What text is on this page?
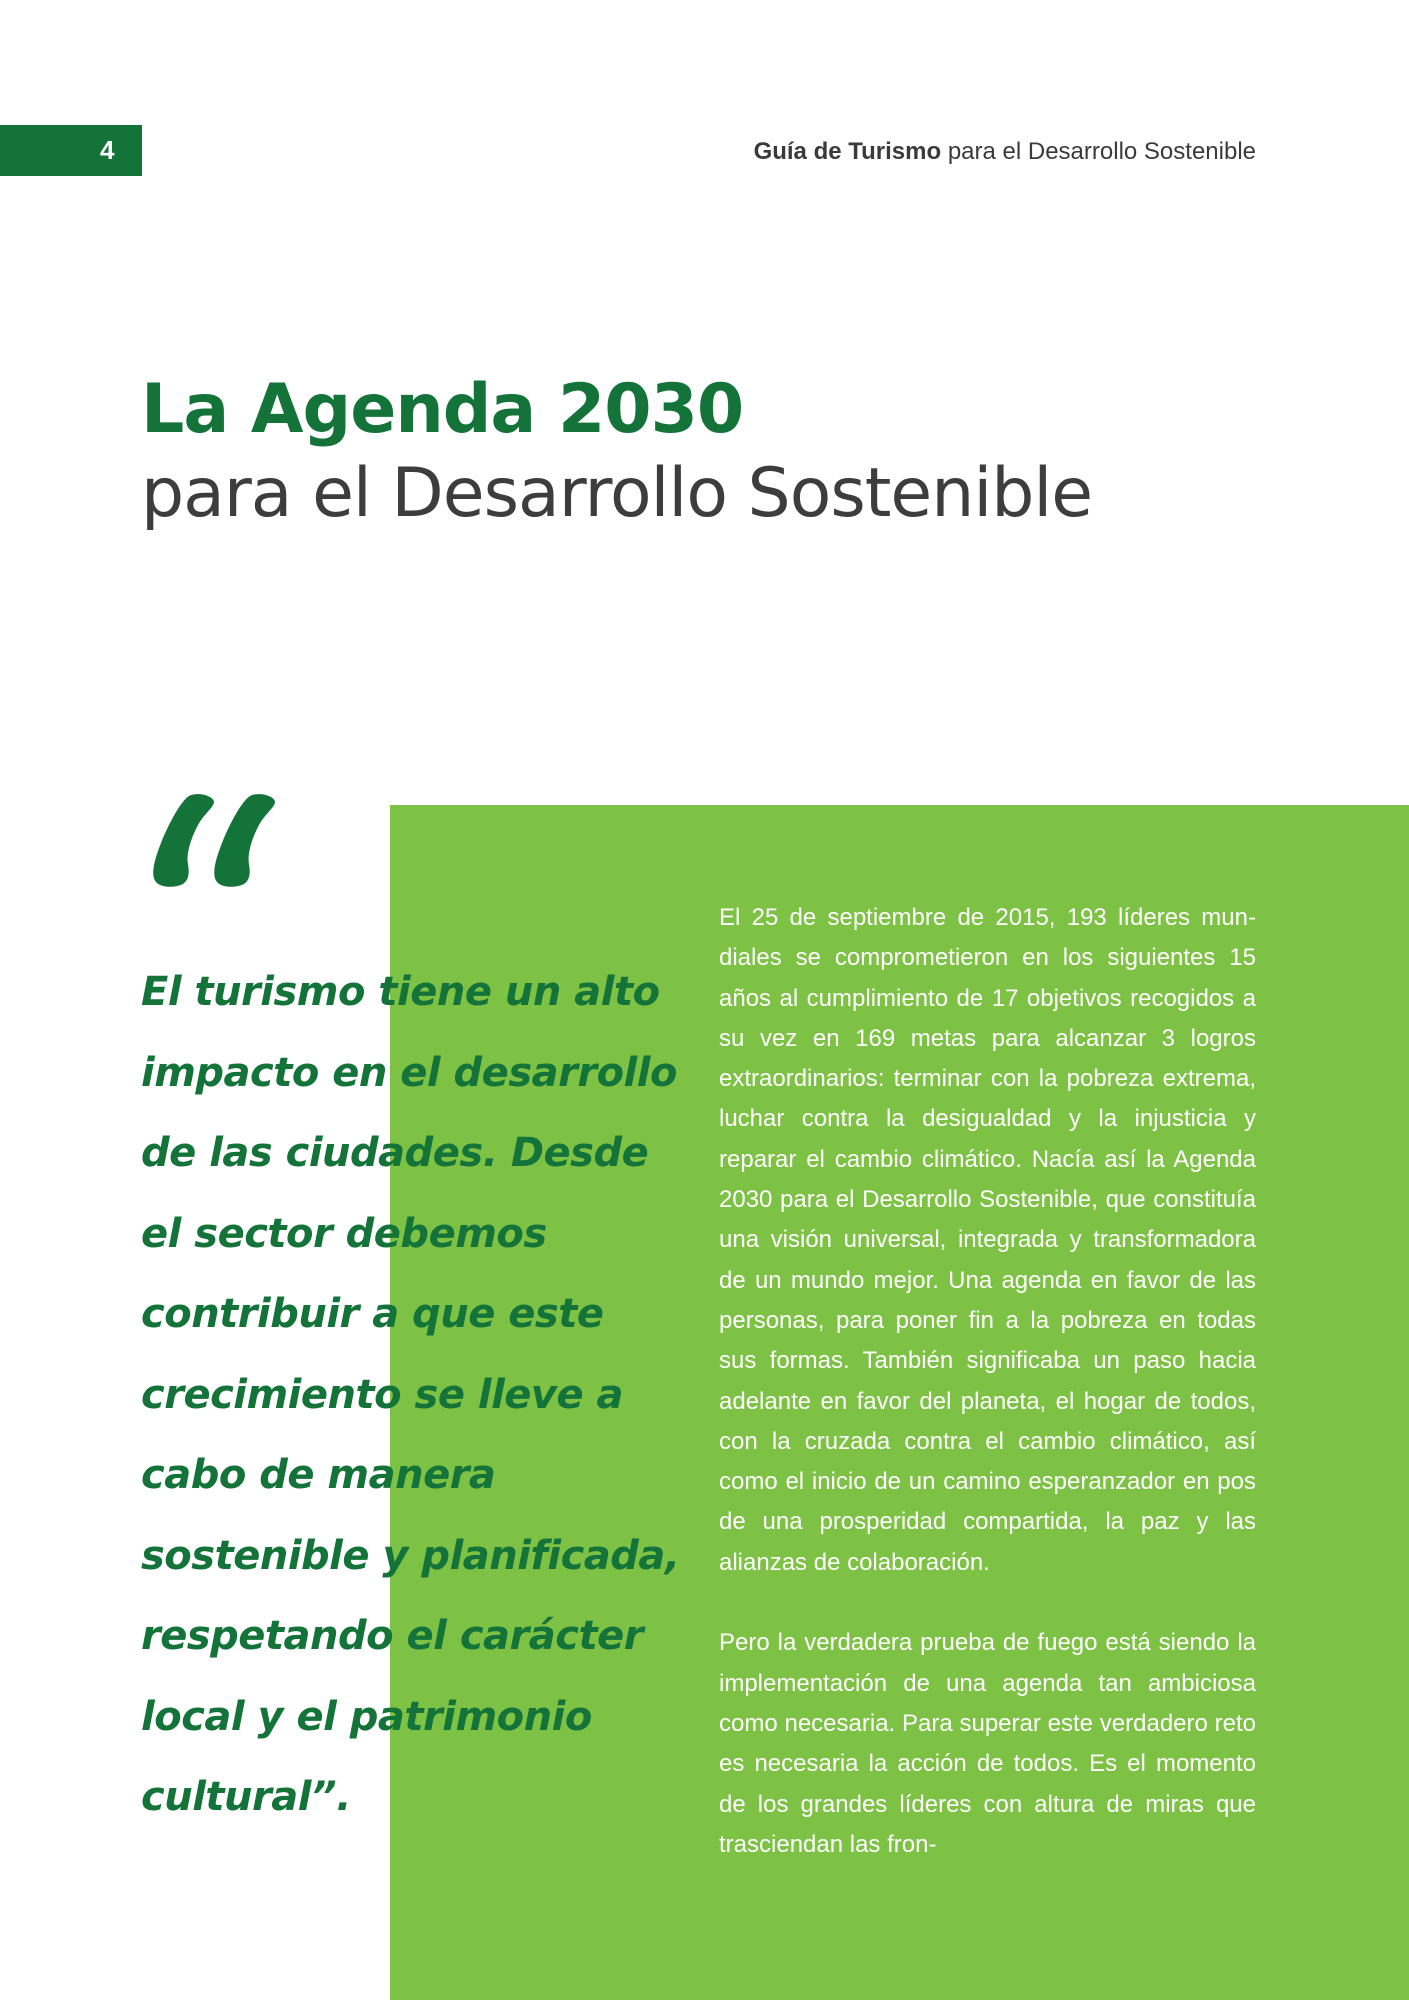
4	Guía de Turismo para el Desarrollo Sostenible
La Agenda 2030
para el Desarrollo Sostenible

El turismo tiene un alto impacto en el desarrollo de las ciudades. Desde el sector debemos contribuir a que este crecimiento se lleve a cabo de manera sostenible y planificada, respetando el carácter local y el patrimonio cultural”.

El 25 de septiembre de 2015, 193 líderes mundiales se comprometieron en los siguientes 15 años al cumplimiento de 17 objetivos recogidos a su vez en 169 metas para alcanzar 3 logros extraordinarios: terminar con la pobreza extrema, luchar contra la desigualdad y la injusticia y reparar el cambio climático. Nacía así la Agenda 2030 para el Desarrollo Sostenible, que constituía una visión universal, integrada y transformadora de un mundo mejor. Una agenda en favor de las personas, para poner fin a la pobreza en todas sus formas. También significaba un paso hacia adelante en favor del planeta, el hogar de todos, con la cruzada contra el cambio climático, así como el inicio de un camino esperanzador en pos de una prosperidad compartida, la paz y las alianzas de colaboración.

Pero la verdadera prueba de fuego está siendo la implementación de una agenda tan ambiciosa como necesaria. Para superar este verdadero reto es necesaria la acción de todos. Es el momento de los grandes líderes con altura de miras que trasciendan las fron-
